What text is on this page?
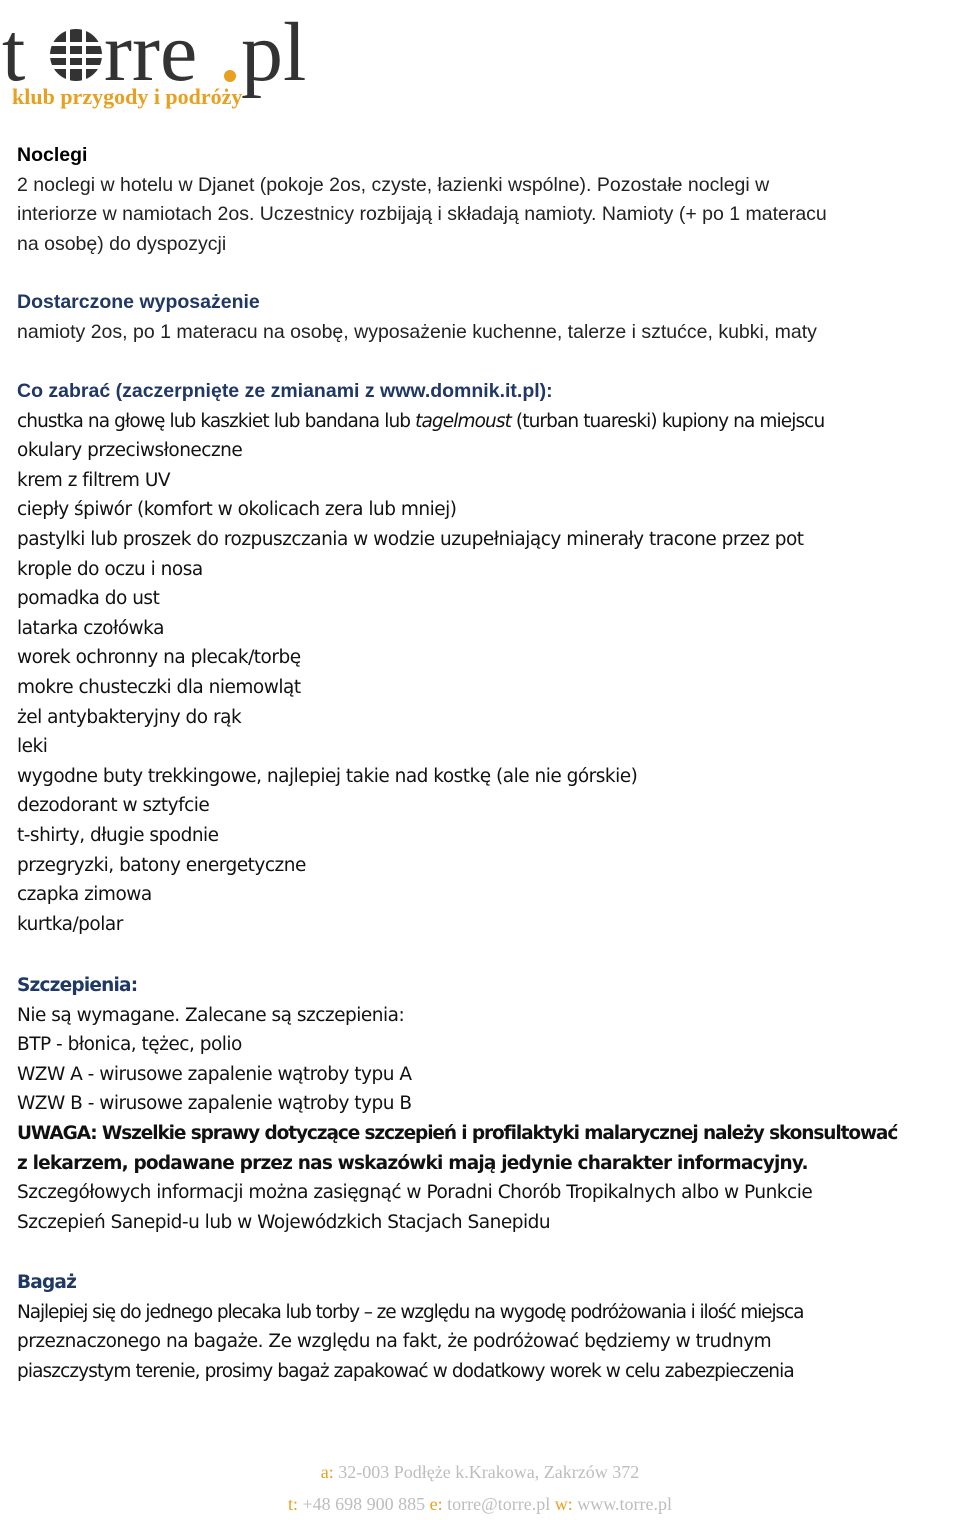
t rre pl
klub przygody i podróży
Noclegi
2 noclegi w hotelu w Djanet (pokoje 2os, czyste, łazienki wspólne). Pozostałe noclegi w
interiorze w namiotach 2os. Uczestnicy rozbijają i składają namioty. Namioty (+ po 1 materacu
na osobę) do dyspozycji
Dostarczone wyposażenie
namioty 2os, po 1 materacu na osobę, wyposażenie kuchenne, talerze i sztućce, kubki, maty
Co zabrać (zaczerpnięte ze zmianami z www.domnik.it.pl):
chustka na głowę lub kaszkiet lub bandana lub tagelmoust (turban tuareski) kupiony na miejscu
okulary przeciwsłoneczne
krem z filtrem UV
ciepły śpiwór (komfort w okolicach zera lub mniej)
pastylki lub proszek do rozpuszczania w wodzie uzupełniający minerały tracone przez pot
krople do oczu i nosa
pomadka do ust
latarka czołówka
worek ochronny na plecak/torbę
mokre chusteczki dla niemowląt
żel antybakteryjny do rąk
leki
wygodne buty trekkingowe, najlepiej takie nad kostkę (ale nie górskie)
dezodorant w sztyfcie
t-shirty, długie spodnie
przegryzki, batony energetyczne
czapka zimowa
kurtka/polar
Szczepienia:
Nie są wymagane. Zalecane są szczepienia:
BTP - błonica, tężec, polio
WZW A - wirusowe zapalenie wątroby typu A
WZW B - wirusowe zapalenie wątroby typu B
UWAGA: Wszelkie sprawy dotyczące szczepień i profilaktyki malarycznej należy skonsultować
z lekarzem, podawane przez nas wskazówki mają jedynie charakter informacyjny.
Szczegółowych informacji można zasięgnąć w Poradni Chorób Tropikalnych albo w Punkcie
Szczepień Sanepid-u lub w Wojewódzkich Stacjach Sanepidu
Bagaż
Najlepiej się do jednego plecaka lub torby – ze względu na wygodę podróżowania i ilość miejsca
przeznaczonego na bagaże. Ze względu na fakt, że podróżować będziemy w trudnym
piaszczystym terenie, prosimy bagaż zapakować w dodatkowy worek w celu zabezpieczenia
a: 32-003 Podłęże k.Krakowa, Zakrzów 372
t: +48 698 900 885 e: torre@torre.pl w: www.torre.pl
